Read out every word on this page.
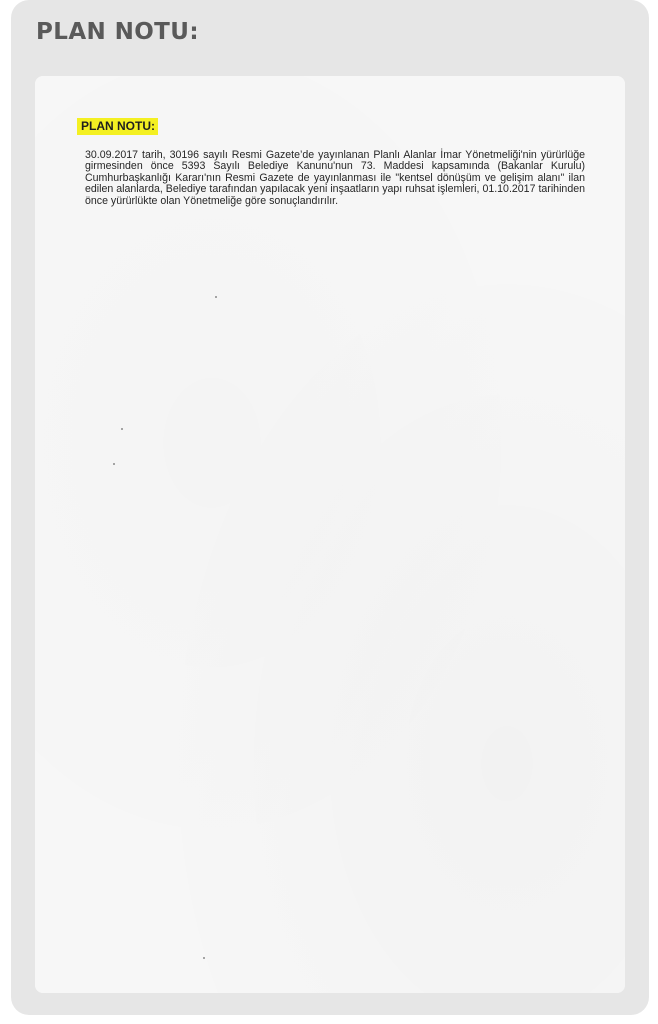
PLAN NOTU:
PLAN NOTU:

30.09.2017 tarih, 30196 sayılı Resmi Gazete’de yayınlanan Planlı Alanlar İmar Yönetmeliği'nin yürürlüğe girmesinden önce 5393 Sayılı Belediye Kanunu'nun 73. Maddesi kapsamında (Bakanlar Kurulu) Cumhurbaşkanlığı Kararı'nın Resmi Gazete de yayınlanması ile "kentsel dönüşüm ve gelişim alanı" ilan edilen alanlarda, Belediye tarafından yapılacak yeni inşaatların yapı ruhsat işlemleri, 01.10.2017 tarihinden önce yürürlükte olan Yönetmeliğe göre sonuçlandırılır.
